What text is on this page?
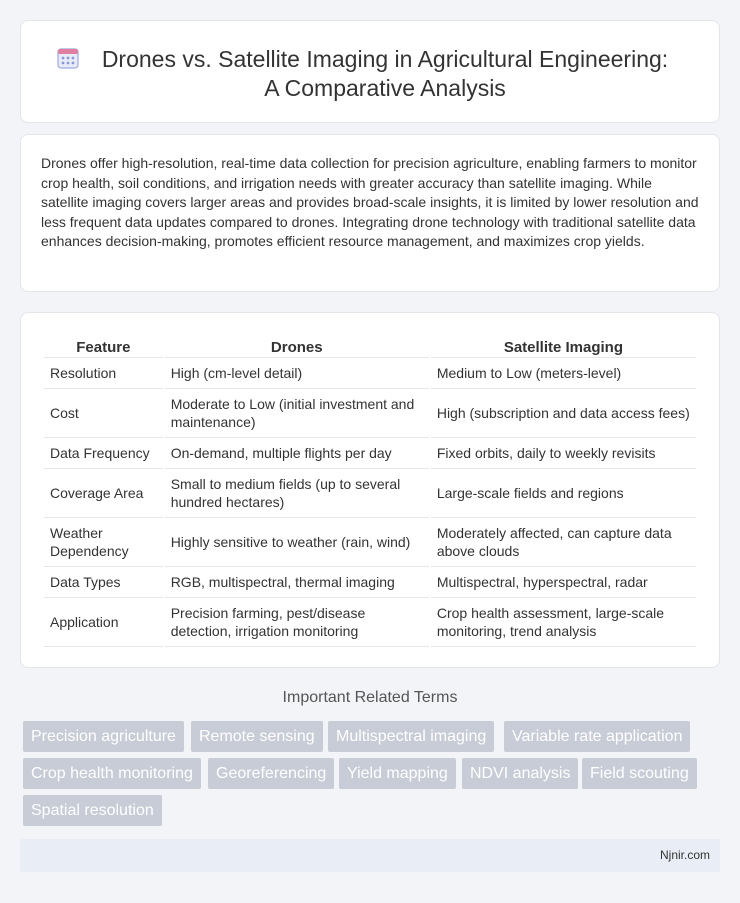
Drones vs. Satellite Imaging in Agricultural Engineering:
A Comparative Analysis

Drones offer high-resolution, real-time data collection for precision agriculture, enabling farmers to monitor crop health, soil conditions, and irrigation needs with greater accuracy than satellite imaging. While satellite imaging covers larger areas and provides broad-scale insights, it is limited by lower resolution and less frequent data updates compared to drones. Integrating drone technology with traditional satellite data enhances decision-making, promotes efficient resource management, and maximizes crop yields.

Feature	Drones	Satellite Imaging
Resolution	High (cm-level detail)	Medium to Low (meters-level)
Cost	Moderate to Low (initial investment and maintenance)	High (subscription and data access fees)
Data Frequency	On-demand, multiple flights per day	Fixed orbits, daily to weekly revisits
Coverage Area	Small to medium fields (up to several hundred hectares)	Large-scale fields and regions
Weather Dependency	Highly sensitive to weather (rain, wind)	Moderately affected, can capture data above clouds
Data Types	RGB, multispectral, thermal imaging	Multispectral, hyperspectral, radar
Application	Precision farming, pest/disease detection, irrigation monitoring	Crop health assessment, large-scale monitoring, trend analysis
Important Related Terms
Precision agriculture	Remote sensing	Multispectral imaging	Variable rate application
Crop health monitoring	Georeferencing	Yield mapping	NDVI analysis	Field scouting
Spatial resolution
Njnir.com
